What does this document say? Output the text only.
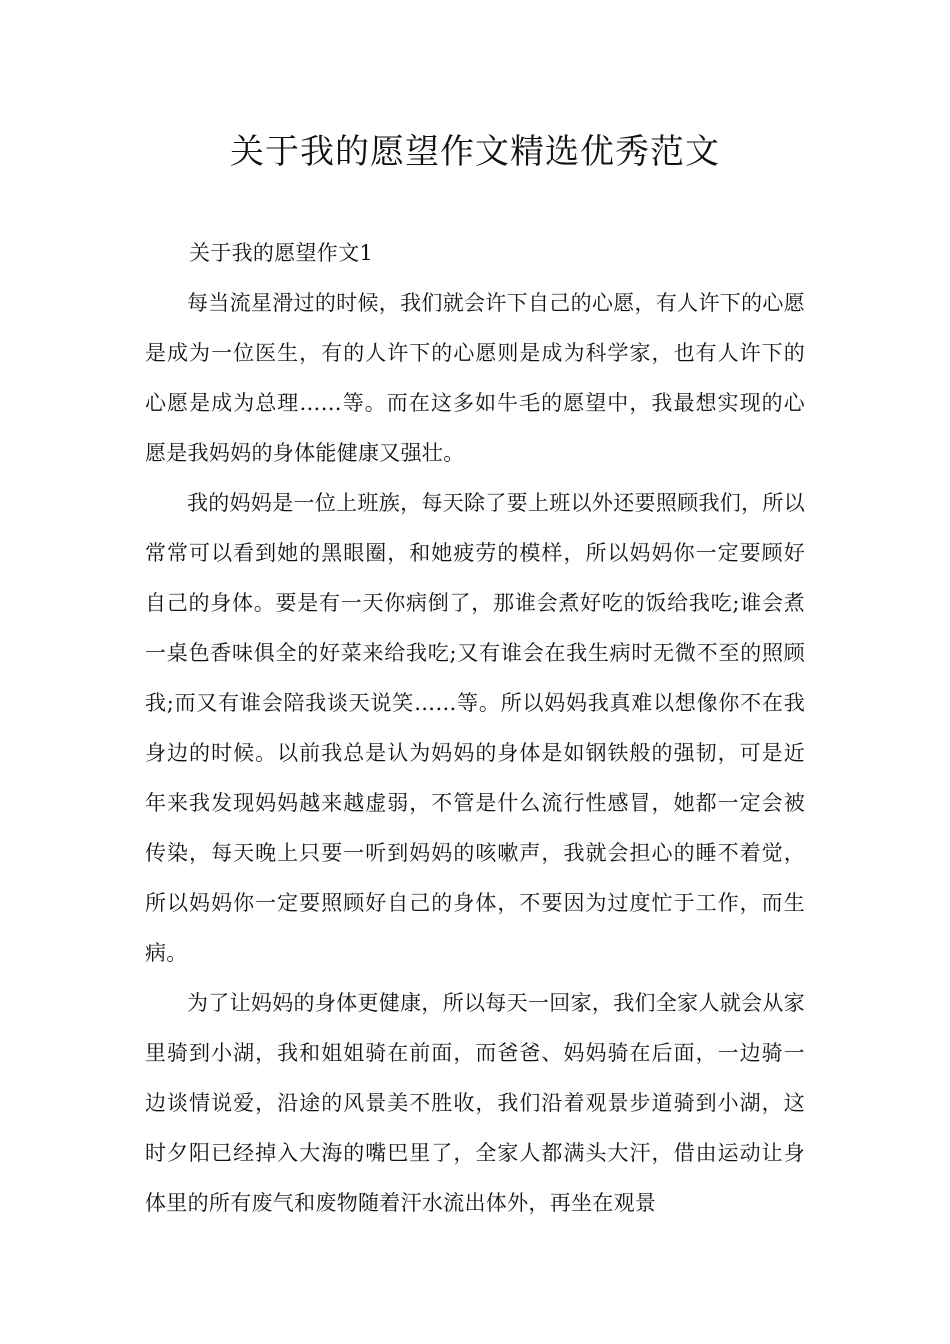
关于我的愿望作文精选优秀范文

关于我的愿望作文1

每当流星滑过的时候，我们就会许下自己的心愿，有人许下的心愿是成为一位医生，有的人许下的心愿则是成为科学家，也有人许下的心愿是成为总理……等。而在这多如牛毛的愿望中，我最想实现的心愿是我妈妈的身体能健康又强壮。

我的妈妈是一位上班族，每天除了要上班以外还要照顾我们，所以常常可以看到她的黑眼圈，和她疲劳的模样，所以妈妈你一定要顾好自己的身体。要是有一天你病倒了，那谁会煮好吃的饭给我吃;谁会煮一桌色香味俱全的好菜来给我吃;又有谁会在我生病时无微不至的照顾我;而又有谁会陪我谈天说笑……等。所以妈妈我真难以想像你不在我身边的时候。以前我总是认为妈妈的身体是如钢铁般的强韧，可是近年来我发现妈妈越来越虚弱，不管是什么流行性感冒，她都一定会被传染，每天晚上只要一听到妈妈的咳嗽声，我就会担心的睡不着觉，所以妈妈你一定要照顾好自己的身体，不要因为过度忙于工作，而生病。

为了让妈妈的身体更健康，所以每天一回家，我们全家人就会从家里骑到小湖，我和姐姐骑在前面，而爸爸、妈妈骑在后面，一边骑一边谈情说爱，沿途的风景美不胜收，我们沿着观景步道骑到小湖，这时夕阳已经掉入大海的嘴巴里了，全家人都满头大汗，借由运动让身体里的所有废气和废物随着汗水流出体外，再坐在观景
